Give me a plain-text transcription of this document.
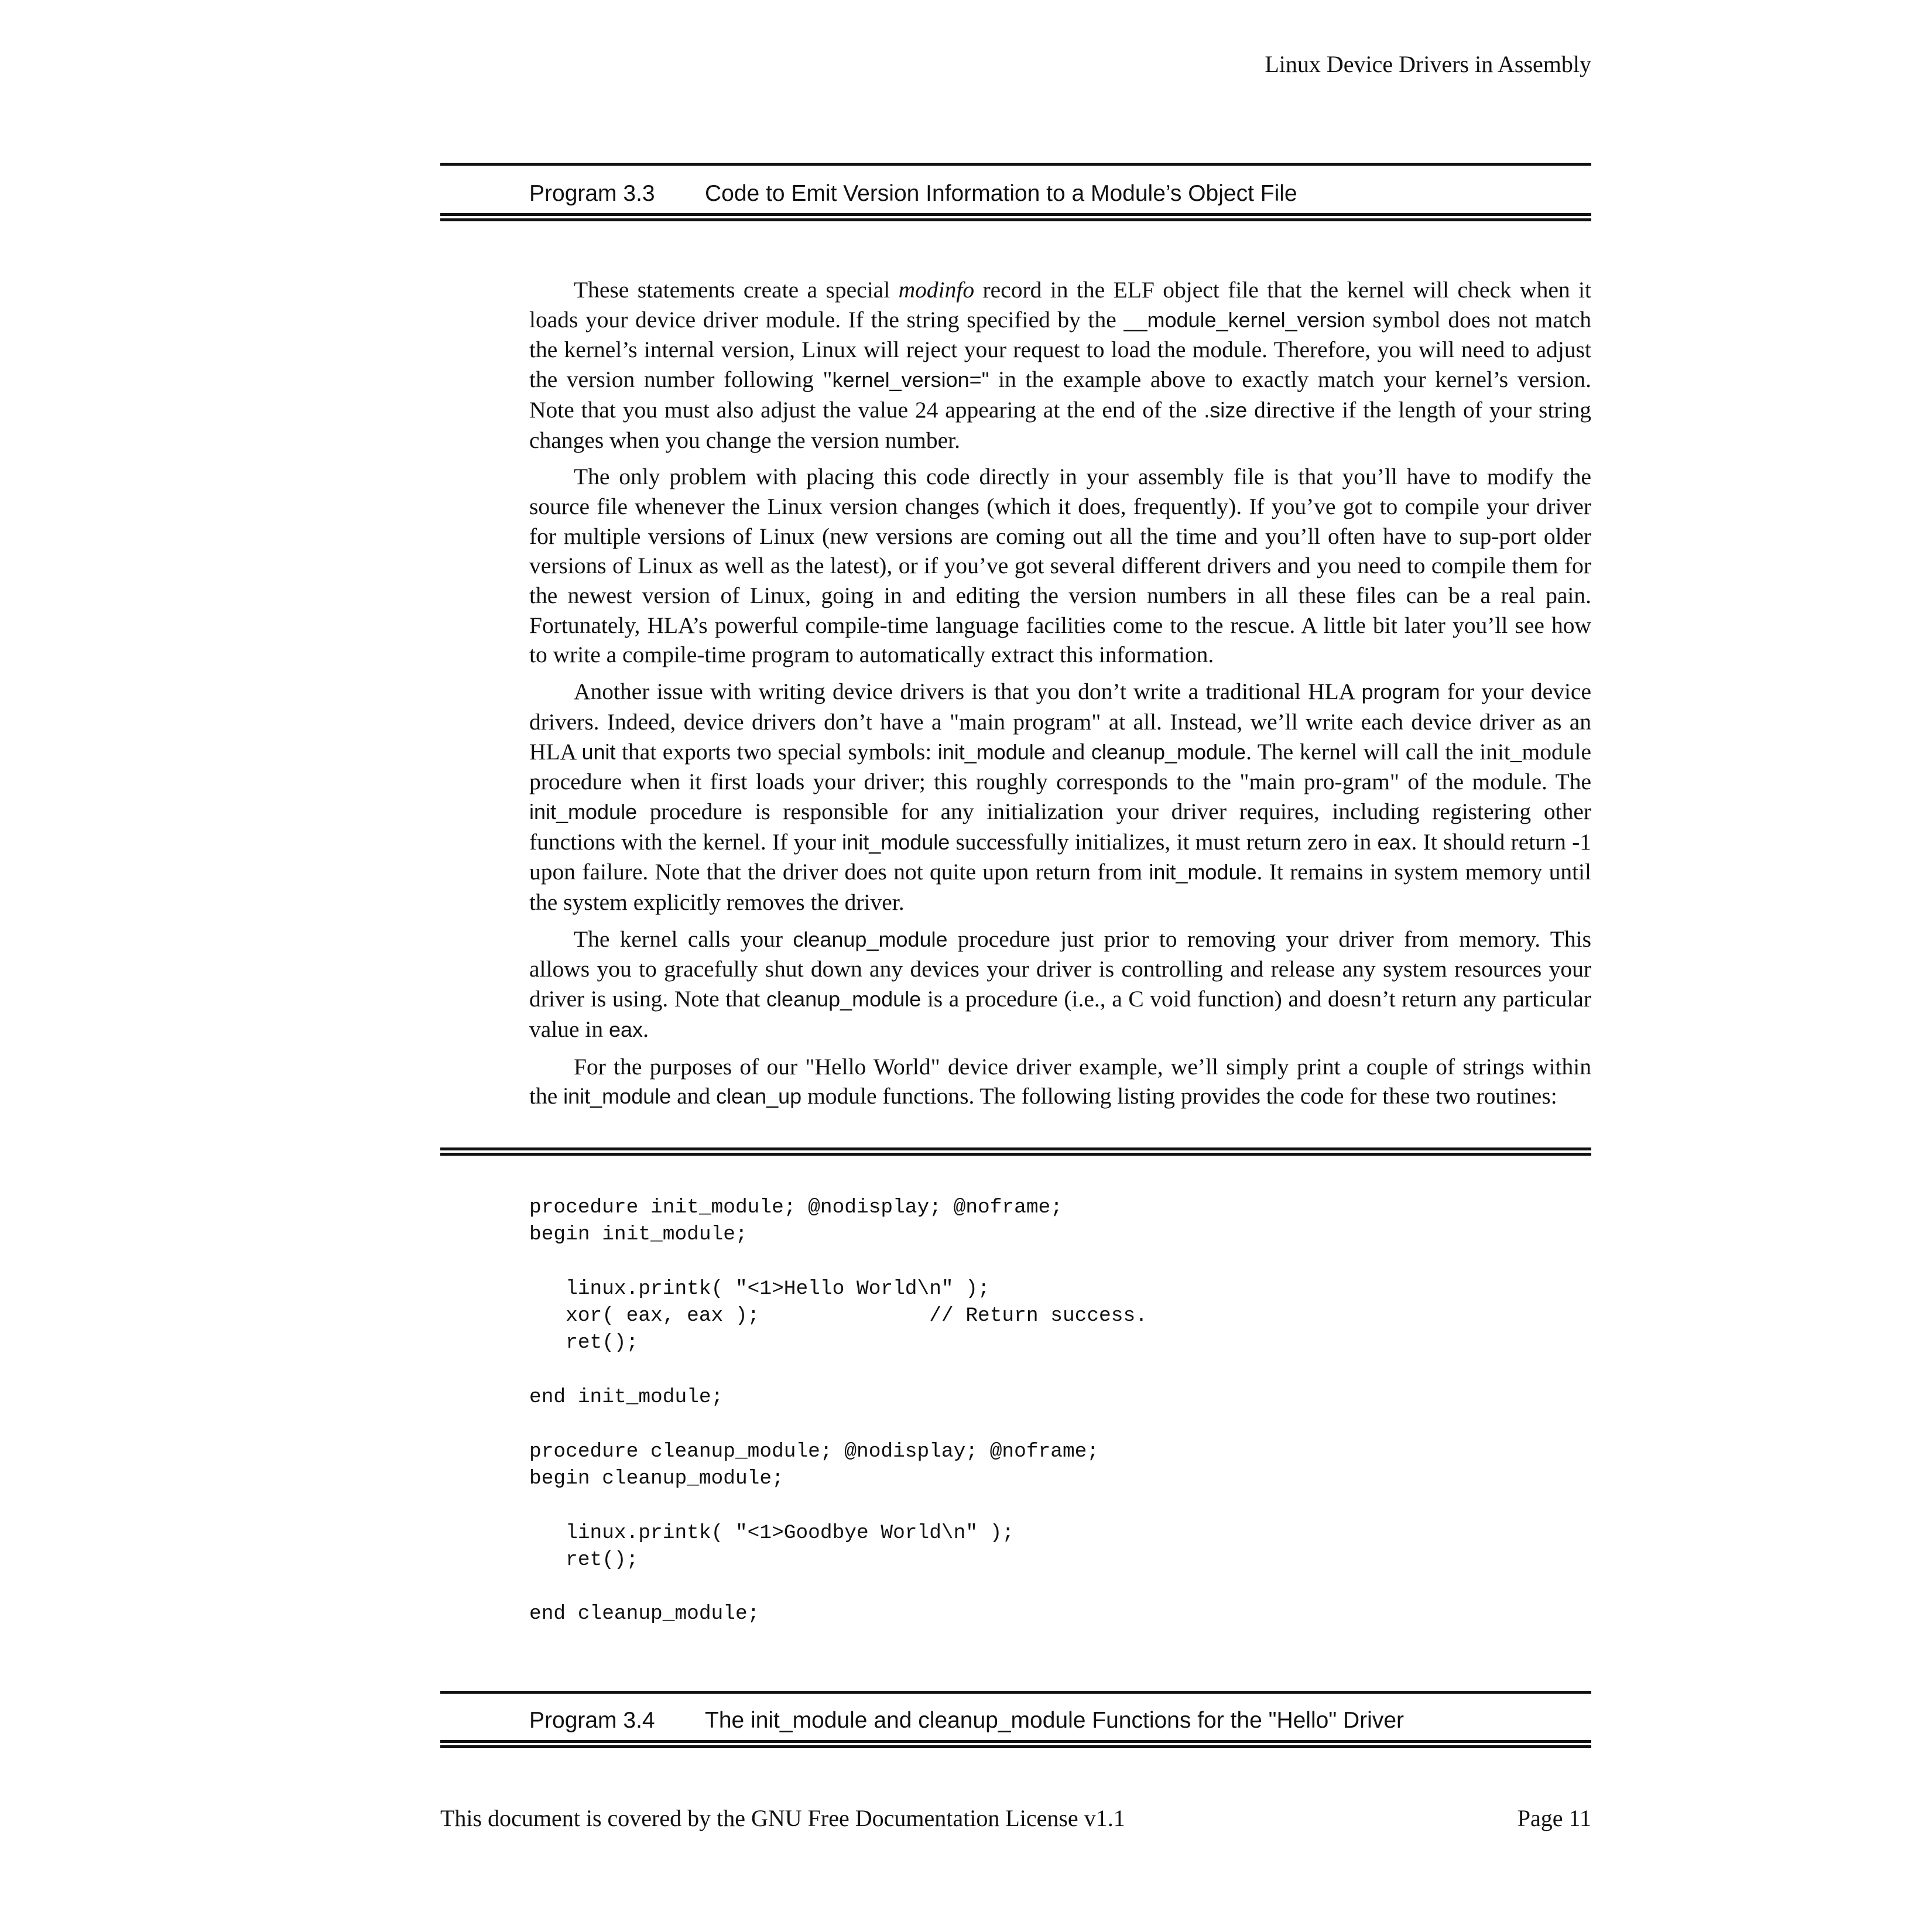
Linux Device Drivers in Assembly
Program 3.3 Code to Emit Version Information to a Module’s Object File

These statements create a special modinfo record in the ELF object file that the kernel will check when it loads your device driver module. If the string specified by the __module_kernel_version symbol does not match the kernel’s internal version, Linux will reject your request to load the module. Therefore, you will need to adjust the version number following "kernel_version=" in the example above to exactly match your kernel’s version. Note that you must also adjust the value 24 appearing at the end of the .size directive if the length of your string changes when you change the version number.

The only problem with placing this code directly in your assembly file is that you’ll have to modify the source file whenever the Linux version changes (which it does, frequently). If you’ve got to compile your driver for multiple versions of Linux (new versions are coming out all the time and you’ll often have to sup-port older versions of Linux as well as the latest), or if you’ve got several different drivers and you need to compile them for the newest version of Linux, going in and editing the version numbers in all these files can be a real pain. Fortunately, HLA’s powerful compile-time language facilities come to the rescue. A little bit later you’ll see how to write a compile-time program to automatically extract this information.

Another issue with writing device drivers is that you don’t write a traditional HLA program for your device drivers. Indeed, device drivers don’t have a "main program" at all. Instead, we’ll write each device driver as an HLA unit that exports two special symbols: init_module and cleanup_module. The kernel will call the init_module procedure when it first loads your driver; this roughly corresponds to the "main pro-gram" of the module. The init_module procedure is responsible for any initialization your driver requires, including registering other functions with the kernel. If your init_module successfully initializes, it must return zero in eax. It should return -1 upon failure. Note that the driver does not quite upon return from init_module. It remains in system memory until the system explicitly removes the driver.

The kernel calls your cleanup_module procedure just prior to removing your driver from memory. This allows you to gracefully shut down any devices your driver is controlling and release any system resources your driver is using. Note that cleanup_module is a procedure (i.e., a C void function) and doesn’t return any particular value in eax.

For the purposes of our "Hello World" device driver example, we’ll simply print a couple of strings within the init_module and clean_up module functions. The following listing provides the code for these two routines:

procedure init_module; @nodisplay; @noframe;
begin init_module;
linux.printk( "<1>Hello World\n" );
xor( eax, eax );              // Return success.
ret();
end init_module;
procedure cleanup_module; @nodisplay; @noframe;
begin cleanup_module;
linux.printk( "<1>Goodbye World\n" );
ret();
end cleanup_module;
Program 3.4 The init_module and cleanup_module Functions for the "Hello" Driver
This document is covered by the GNU Free Documentation License v1.1	Page 11
